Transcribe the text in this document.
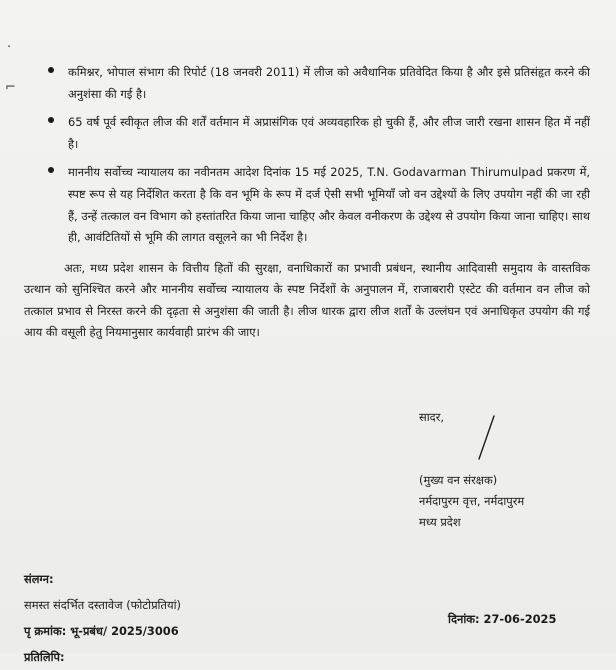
·
⌐
कमिश्नर, भोपाल संभाग की रिपोर्ट (18 जनवरी 2011) में लीज को अवैधानिक प्रतिवेदित किया है और इसे प्रतिसंहृत करने की अनुशंसा की गई है।
65 वर्ष पूर्व स्वीकृत लीज की शर्तें वर्तमान में अप्रासंगिक एवं अव्यवहारिक हो चुकी हैं, और लीज जारी रखना शासन हित में नहीं है।
माननीय सर्वोच्च न्यायालय का नवीनतम आदेश दिनांक 15 मई 2025, T.N. Godavarman Thirumulpad प्रकरण में, स्पष्ट रूप से यह निर्देशित करता है कि वन भूमि के रूप में दर्ज ऐसी सभी भूमियाँ जो वन उद्देश्यों के लिए उपयोग नहीं की जा रही हैं, उन्हें तत्काल वन विभाग को हस्तांतरित किया जाना चाहिए और केवल वनीकरण के उद्देश्य से उपयोग किया जाना चाहिए। साथ ही, आवंटितियों से भूमि की लागत वसूलने का भी निर्देश है।
अतः, मध्य प्रदेश शासन के वित्तीय हितों की सुरक्षा, वनाधिकारों का प्रभावी प्रबंधन, स्थानीय आदिवासी समुदाय के वास्तविक उत्थान को सुनिश्चित करने और माननीय सर्वोच्च न्यायालय के स्पष्ट निर्देशों के अनुपालन में, राजाबरारी एस्टेट की वर्तमान वन लीज को तत्काल प्रभाव से निरस्त करने की दृढ़ता से अनुशंसा की जाती है। लीज धारक द्वारा लीज शर्तों के उल्लंघन एवं अनाधिकृत उपयोग की गई आय की वसूली हेतु नियमानुसार कार्यवाही प्रारंभ की जाए।
सादर,
(मुख्य वन संरक्षक)
नर्मदापुरम वृत्त, नर्मदापुरम
मध्य प्रदेश
संलग्न:
समस्त संदर्भित दस्तावेज (फोटोप्रतियां)
पृ क्रमांक: भू-प्रबंध/ 2025/3006
प्रतिलिपि:
दिनांक: 27-06-2025
